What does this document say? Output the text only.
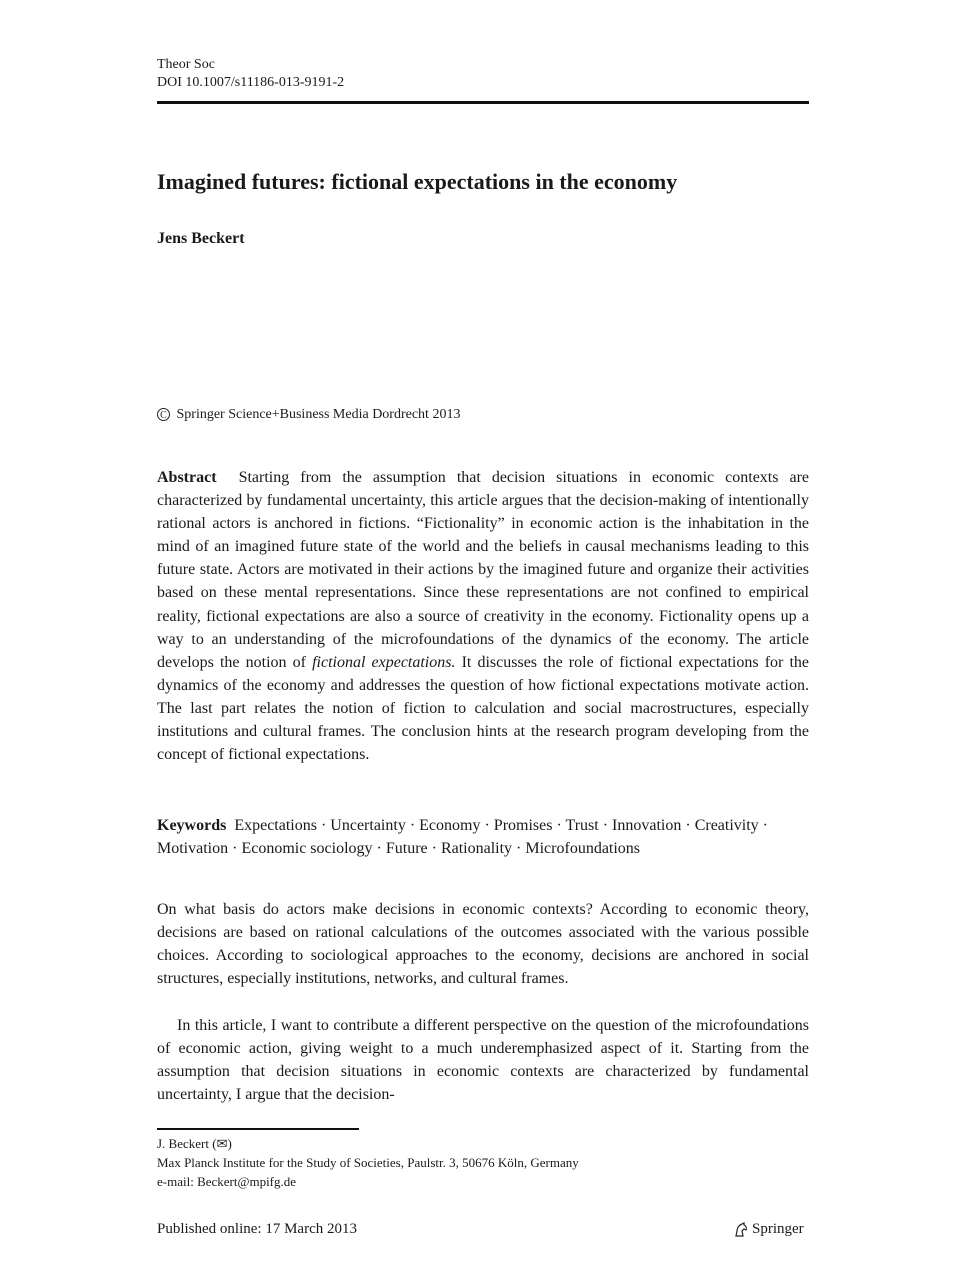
Theor Soc
DOI 10.1007/s11186-013-9191-2
Imagined futures: fictional expectations in the economy
Jens Beckert
C Springer Science+Business Media Dordrecht 2013
Abstract Starting from the assumption that decision situations in economic contexts are characterized by fundamental uncertainty, this article argues that the decision-making of intentionally rational actors is anchored in fictions. “Fictionality” in economic action is the inhabitation in the mind of an imagined future state of the world and the beliefs in causal mechanisms leading to this future state. Actors are motivated in their actions by the imagined future and organize their activities based on these mental representations. Since these representations are not confined to empirical reality, fictional expectations are also a source of creativity in the economy. Fictionality opens up a way to an understanding of the microfoundations of the dynamics of the economy. The article develops the notion of fictional expectations. It discusses the role of fictional expectations for the dynamics of the economy and addresses the question of how fictional expectations motivate action. The last part relates the notion of fiction to calculation and social macrostructures, especially institutions and cultural frames. The conclusion hints at the research program developing from the concept of fictional expectations.
Keywords Expectations · Uncertainty · Economy · Promises · Trust · Innovation · Creativity · Motivation · Economic sociology · Future · Rationality · Microfoundations
On what basis do actors make decisions in economic contexts? According to economic theory, decisions are based on rational calculations of the outcomes associated with the various possible choices. According to sociological approaches to the economy, decisions are anchored in social structures, especially institutions, networks, and cultural frames.
In this article, I want to contribute a different perspective on the question of the microfoundations of economic action, giving weight to a much underemphasized aspect of it. Starting from the assumption that decision situations in economic contexts are characterized by fundamental uncertainty, I argue that the decision-
J. Beckert (✉)
Max Planck Institute for the Study of Societies, Paulstr. 3, 50676 Köln, Germany
e-mail: Beckert@mpifg.de
Published online: 17 March 2013	Springer
